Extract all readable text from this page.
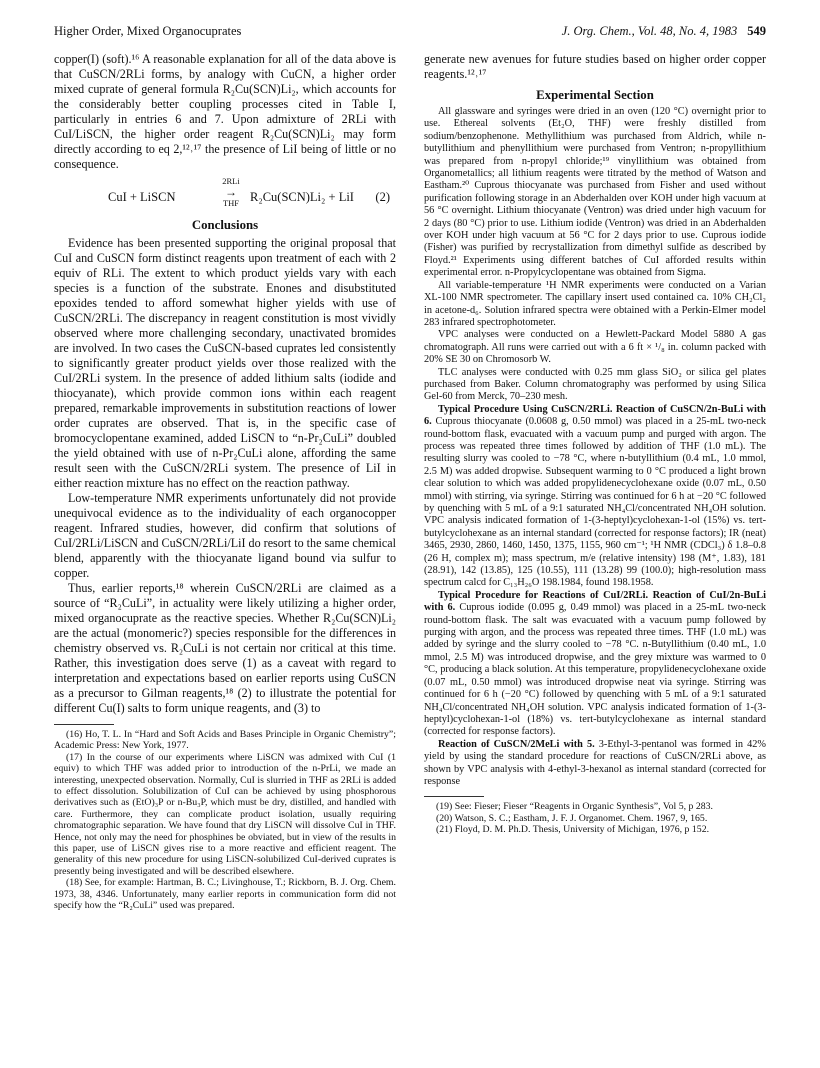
Higher Order, Mixed Organocuprates	J. Org. Chem., Vol. 48, No. 4, 1983 549

copper(I) (soft).¹⁶ A reasonable explanation for all of the data above is that CuSCN/2RLi forms, by analogy with CuCN, a higher order mixed cuprate of general formula R₂Cu(SCN)Li₂, which accounts for the considerably better coupling processes cited in Table I, particularly in entries 6 and 7. Upon admixture of 2RLi with CuI/LiSCN, the higher order reagent R₂Cu(SCN)Li₂ may form directly according to eq 2,¹²˒¹⁷ the presence of LiI being of little or no consequence.

CuI + LiSCN
2RLi
→
THF R₂Cu(SCN)Li₂ + LiI (2)
Conclusions

Evidence has been presented supporting the original proposal that CuI and CuSCN form distinct reagents upon treatment of each with 2 equiv of RLi. The extent to which product yields vary with each species is a function of the substrate. Enones and disubstituted epoxides tended to afford somewhat higher yields with use of CuSCN/2RLi. The discrepancy in reagent constitution is most vividly observed where more challenging secondary, unactivated bromides are involved. In two cases the CuSCN-based cuprates led consistently to significantly greater product yields over those realized with the CuI/2RLi system. In the presence of added lithium salts (iodide and thiocyanate), which provide common ions within each reagent prepared, remarkable improvements in substitution reactions of lower order cuprates are observed. That is, in the specific case of bromocyclopentane examined, added LiSCN to “n-Pr₂CuLi” doubled the yield obtained with use of n-Pr₂CuLi alone, affording the same result seen with the CuSCN/2RLi system. The presence of LiI in either reaction mixture has no effect on the reaction pathway.

Low-temperature NMR experiments unfortunately did not provide unequivocal evidence as to the individuality of each organocopper reagent. Infrared studies, however, did confirm that solutions of CuI/2RLi/LiSCN and CuSCN/2RLi/LiI do resort to the same chemical blend, apparently with the thiocyanate ligand bound via sulfur to copper.

Thus, earlier reports,¹⁸ wherein CuSCN/2RLi are claimed as a source of “R₂CuLi”, in actuality were likely utilizing a higher order, mixed organocuprate as the reactive species. Whether R₂Cu(SCN)Li₂ are the actual (monomeric?) species responsible for the differences in chemistry observed vs. R₂CuLi is not certain nor critical at this time. Rather, this investigation does serve (1) as a caveat with regard to interpretation and expectations based on earlier reports using CuSCN as a precursor to Gilman reagents,¹⁸ (2) to illustrate the potential for different Cu(I) salts to form unique reagents, and (3) to

(16) Ho, T. L. In “Hard and Soft Acids and Bases Principle in Organic Chemistry”; Academic Press: New York, 1977.

(17) In the course of our experiments where LiSCN was admixed with CuI (1 equiv) to which THF was added prior to introduction of the n-PrLi, we made an interesting, unexpected observation. Normally, CuI is slurried in THF as 2RLi is added to effect dissolution. Solubilization of CuI can be achieved by using phosphorous derivatives such as (EtO)₃P or n-Bu₃P, which must be dry, distilled, and handled with care. Furthermore, they can complicate product isolation, usually requiring chromatographic separation. We have found that dry LiSCN will dissolve CuI in THF. Hence, not only may the need for phosphines be obviated, but in view of the results in this paper, use of LiSCN gives rise to a more reactive and efficient reagent. The generality of this new procedure for using LiSCN-solubilized CuI-derived cuprates is presently being investigated and will be described elsewhere.

(18) See, for example: Hartman, B. C.; Livinghouse, T.; Rickborn, B. J. Org. Chem. 1973, 38, 4346. Unfortunately, many earlier reports in communication form did not specify how the “R₂CuLi” used was prepared.

generate new avenues for future studies based on higher order copper reagents.¹²˒¹⁷

Experimental Section

All glassware and syringes were dried in an oven (120 °C) overnight prior to use. Ethereal solvents (Et₂O, THF) were freshly distilled from sodium/benzophenone. Methyllithium was purchased from Aldrich, while n-butyllithium and phenyllithium were purchased from Ventron; n-propyllithium was prepared from n-propyl chloride;¹⁹ vinyllithium was obtained from Organometallics; all lithium reagents were titrated by the method of Watson and Eastham.²⁰ Cuprous thiocyanate was purchased from Fisher and used without purification following storage in an Abderhalden over KOH under high vacuum at 56 °C overnight. Lithium thiocyanate (Ventron) was dried under high vacuum for 2 days (80 °C) prior to use. Lithium iodide (Ventron) was dried in an Abderhalden over KOH under high vacuum at 56 °C for 2 days prior to use. Cuprous iodide (Fisher) was purified by recrystallization from dimethyl sulfide as described by Floyd.²¹ Experiments using different batches of CuI afforded results within experimental error. n-Propylcyclopentane was obtained from Sigma.

All variable-temperature ¹H NMR experiments were conducted on a Varian XL-100 NMR spectrometer. The capillary insert used contained ca. 10% CH₂Cl₂ in acetone-d₆. Solution infrared spectra were obtained with a Perkin-Elmer model 283 infrared spectrophotometer.

VPC analyses were conducted on a Hewlett-Packard Model 5880 A gas chromatograph. All runs were carried out with a 6 ft × ¹/₈ in. column packed with 20% SE 30 on Chromosorb W.

TLC analyses were conducted with 0.25 mm glass SiO₂ or silica gel plates purchased from Baker. Column chromatography was performed by using Silica Gel-60 from Merck, 70–230 mesh.

Typical Procedure Using CuSCN/2RLi. Reaction of CuSCN/2n-BuLi with 6. Cuprous thiocyanate (0.0608 g, 0.50 mmol) was placed in a 25-mL two-neck round-bottom flask, evacuated with a vacuum pump and purged with argon. The process was repeated three times followed by addition of THF (1.0 mL). The resulting slurry was cooled to −78 °C, where n-butyllithium (0.4 mL, 1.0 mmol, 2.5 M) was added dropwise. Subsequent warming to 0 °C produced a light brown clear solution to which was added propylidenecyclohexane oxide (0.07 mL, 0.50 mmol) with stirring, via syringe. Stirring was continued for 6 h at −20 °C followed by quenching with 5 mL of a 9:1 saturated NH₄Cl/concentrated NH₄OH solution. VPC analysis indicated formation of 1-(3-heptyl)cyclohexan-1-ol (15%) vs. tert-butylcyclohexane as an internal standard (corrected for response factors); IR (neat) 3465, 2930, 2860, 1460, 1450, 1375, 1155, 960 cm⁻¹; ¹H NMR (CDCl₃) δ 1.8–0.8 (26 H, complex m); mass spectrum, m/e (relative intensity) 198 (M⁺, 1.83), 181 (28.91), 142 (13.85), 125 (10.55), 111 (13.28) 99 (100.0); high-resolution mass spectrum calcd for C₁₃H₂₆O 198.1984, found 198.1958.

Typical Procedure for Reactions of CuI/2RLi. Reaction of CuI/2n-BuLi with 6. Cuprous iodide (0.095 g, 0.49 mmol) was placed in a 25-mL two-neck round-bottom flask. The salt was evacuated with a vacuum pump followed by purging with argon, and the process was repeated three times. THF (1.0 mL) was added by syringe and the slurry cooled to −78 °C. n-Butyllithium (0.40 mL, 1.0 mmol, 2.5 M) was introduced dropwise, and the grey mixture was warmed to 0 °C, producing a black solution. At this temperature, propylidenecyclohexane oxide (0.07 mL, 0.50 mmol) was introduced dropwise neat via syringe. Stirring was continued for 6 h (−20 °C) followed by quenching with 5 mL of a 9:1 saturated NH₄Cl/concentrated NH₄OH solution. VPC analysis indicated formation of 1-(3-heptyl)cyclohexan-1-ol (18%) vs. tert-butylcyclohexane as internal standard (corrected for response factors).

Reaction of CuSCN/2MeLi with 5. 3-Ethyl-3-pentanol was formed in 42% yield by using the standard procedure for reactions of CuSCN/2RLi above, as shown by VPC analysis with 4-ethyl-3-hexanol as internal standard (corrected for response

(19) See: Fieser; Fieser “Reagents in Organic Synthesis”, Vol 5, p 283.

(20) Watson, S. C.; Eastham, J. F. J. Organomet. Chem. 1967, 9, 165.

(21) Floyd, D. M. Ph.D. Thesis, University of Michigan, 1976, p 152.
